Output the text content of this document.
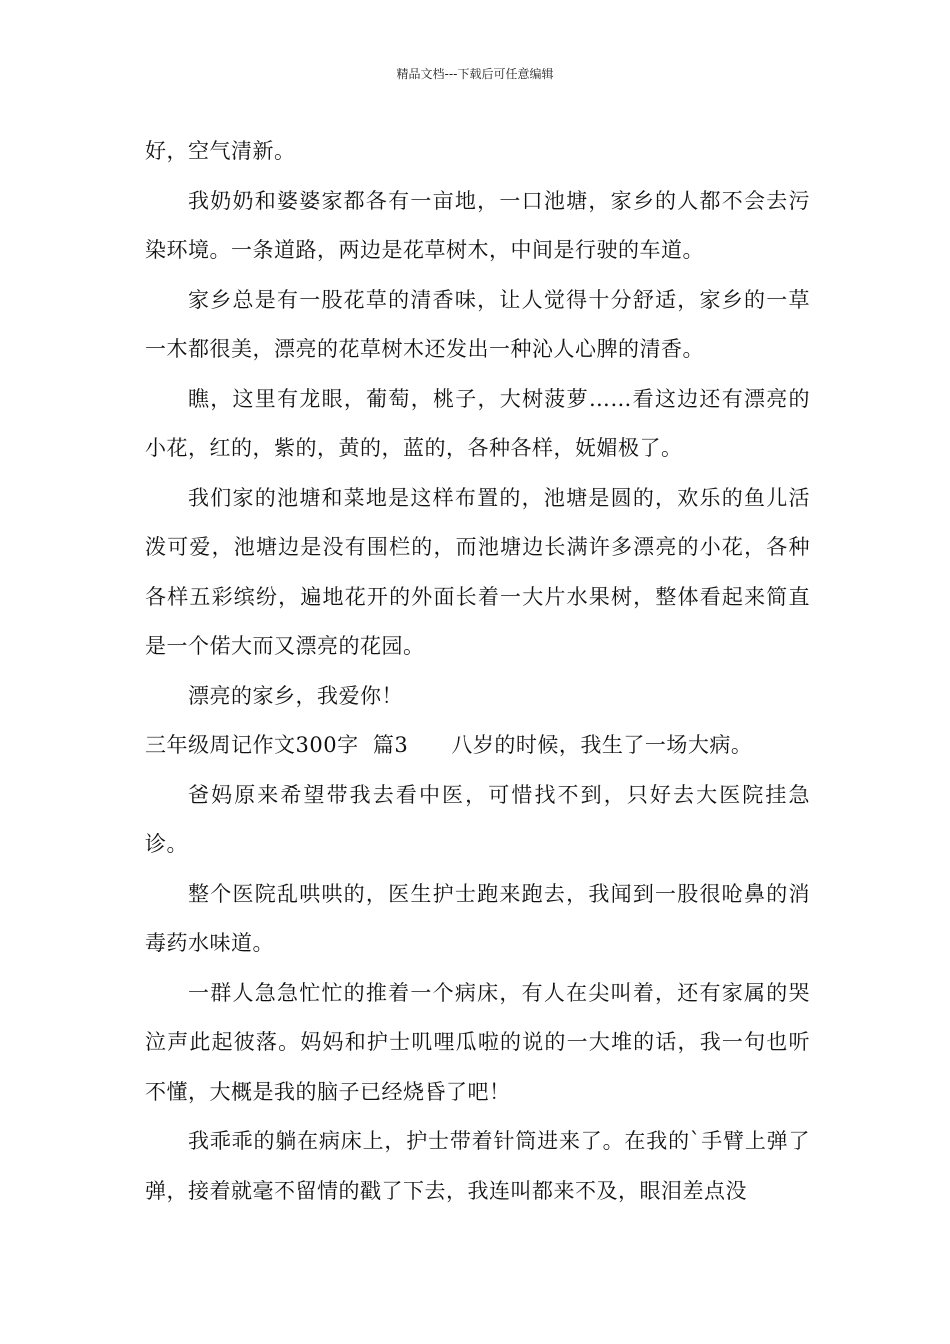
精品文档---下载后可任意编辑

好，空气清新。

我奶奶和婆婆家都各有一亩地，一口池塘，家乡的人都不会去污染环境。一条道路，两边是花草树木，中间是行驶的车道。

家乡总是有一股花草的清香味，让人觉得十分舒适，家乡的一草一木都很美，漂亮的花草树木还发出一种沁人心脾的清香。

瞧，这里有龙眼，葡萄，桃子，大树菠萝……看这边还有漂亮的小花，红的，紫的，黄的，蓝的，各种各样，妩媚极了。

我们家的池塘和菜地是这样布置的，池塘是圆的，欢乐的鱼儿活泼可爱，池塘边是没有围栏的，而池塘边长满许多漂亮的小花，各种各样五彩缤纷，遍地花开的外面长着一大片水果树，整体看起来简直是一个偌大而又漂亮的花园。

漂亮的家乡，我爱你！

三年级周记作文300字  篇3      八岁的时候，我生了一场大病。

爸妈原来希望带我去看中医，可惜找不到，只好去大医院挂急诊。

整个医院乱哄哄的，医生护士跑来跑去，我闻到一股很呛鼻的消毒药水味道。

一群人急急忙忙的推着一个病床，有人在尖叫着，还有家属的哭泣声此起彼落。妈妈和护士叽哩瓜啦的说的一大堆的话，我一句也听不懂，大概是我的脑子已经烧昏了吧！

我乖乖的躺在病床上，护士带着针筒进来了。在我的`手臂上弹了弹，接着就毫不留情的戳了下去，我连叫都来不及，眼泪差点没
